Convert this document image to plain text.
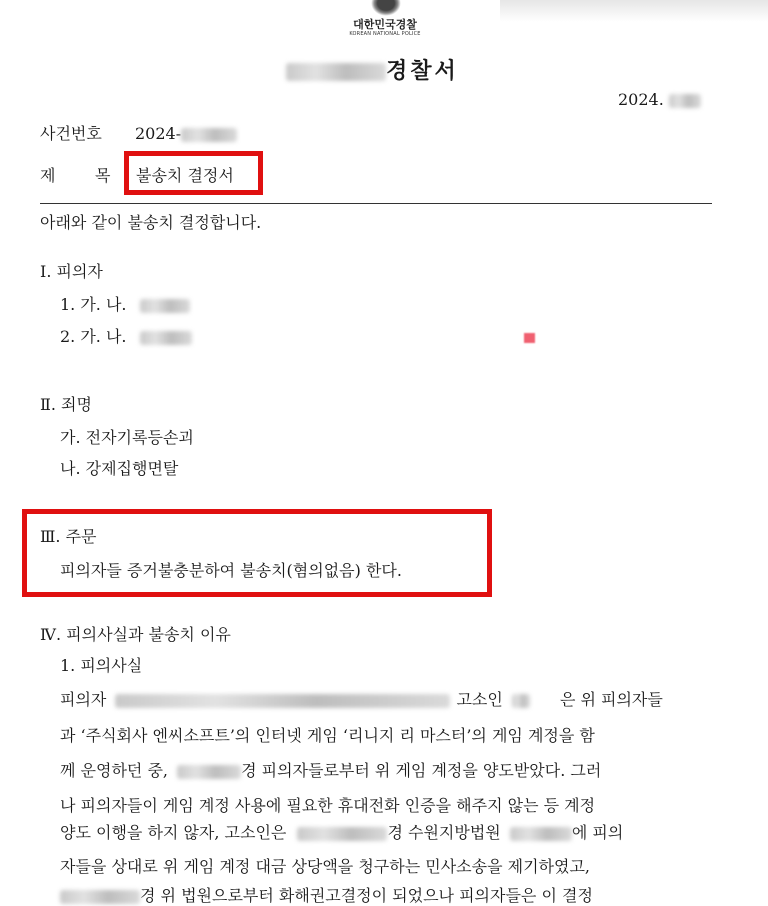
대한민국경찰
KOREAN NATIONAL POLICE
경찰서
2024.
사건번호 2024-
제 목 불송치 결정서
아래와 같이 불송치 결정합니다.
Ⅰ. 피의자
1. 가. 나.
2. 가. 나.
Ⅱ. 죄명
가. 전자기록등손괴
나. 강제집행면탈
Ⅲ. 주문
피의자들 증거불충분하여 불송치(혐의없음) 한다.
Ⅳ. 피의사실과 불송치 이유
1. 피의사실
피의자	고소인	은 위 피의자들
과 ‘주식회사 엔씨소프트’의 인터넷 게임 ‘리니지 리 마스터’의 게임 계정을 함
께 운영하던 중,	경 피의자들로부터 위 게임 계정을 양도받았다. 그러
나 피의자들이 게임 계정 사용에 필요한 휴대전화 인증을 해주지 않는 등 계정
양도 이행을 하지 않자, 고소인은	경 수원지방법원	에 피의
자들을 상대로 위 게임 계정 대금 상당액을 청구하는 민사소송을 제기하였고,
경 위 법원으로부터 화해권고결정이 되었으나 피의자들은 이 결정
